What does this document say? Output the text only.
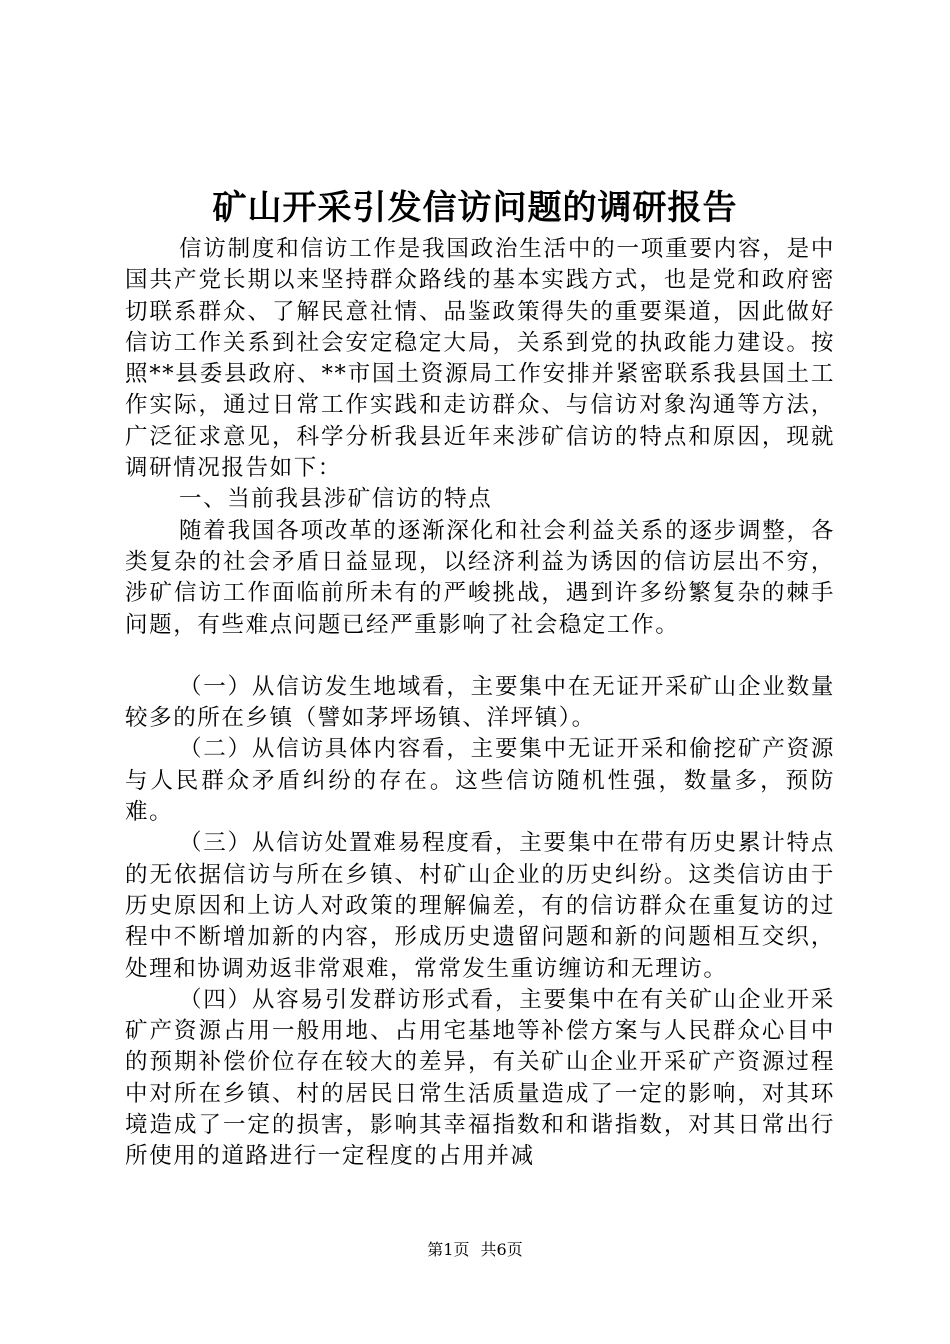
矿山开采引发信访问题的调研报告

信访制度和信访工作是我国政治生活中的一项重要内容，是中国共产党长期以来坚持群众路线的基本实践方式，也是党和政府密切联系群众、了解民意社情、品鉴政策得失的重要渠道，因此做好信访工作关系到社会安定稳定大局，关系到党的执政能力建设。按照**县委县政府、**市国土资源局工作安排并紧密联系我县国土工作实际，通过日常工作实践和走访群众、与信访对象沟通等方法，广泛征求意见，科学分析我县近年来涉矿信访的特点和原因，现就调研情况报告如下：

一、当前我县涉矿信访的特点

随着我国各项改革的逐渐深化和社会利益关系的逐步调整，各类复杂的社会矛盾日益显现，以经济利益为诱因的信访层出不穷，涉矿信访工作面临前所未有的严峻挑战，遇到许多纷繁复杂的棘手问题，有些难点问题已经严重影响了社会稳定工作。

（一）从信访发生地域看，主要集中在无证开采矿山企业数量较多的所在乡镇（譬如茅坪场镇、洋坪镇）。

（二）从信访具体内容看，主要集中无证开采和偷挖矿产资源与人民群众矛盾纠纷的存在。这些信访随机性强，数量多，预防难。

（三）从信访处置难易程度看，主要集中在带有历史累计特点的无依据信访与所在乡镇、村矿山企业的历史纠纷。这类信访由于历史原因和上访人对政策的理解偏差，有的信访群众在重复访的过程中不断增加新的内容，形成历史遗留问题和新的问题相互交织，处理和协调劝返非常艰难，常常发生重访缠访和无理访。

（四）从容易引发群访形式看，主要集中在有关矿山企业开采矿产资源占用一般用地、占用宅基地等补偿方案与人民群众心目中的预期补偿价位存在较大的差异，有关矿山企业开采矿产资源过程中对所在乡镇、村的居民日常生活质量造成了一定的影响，对其环境造成了一定的损害，影响其幸福指数和和谐指数，对其日常出行所使用的道路进行一定程度的占用并减

第1页 共6页
